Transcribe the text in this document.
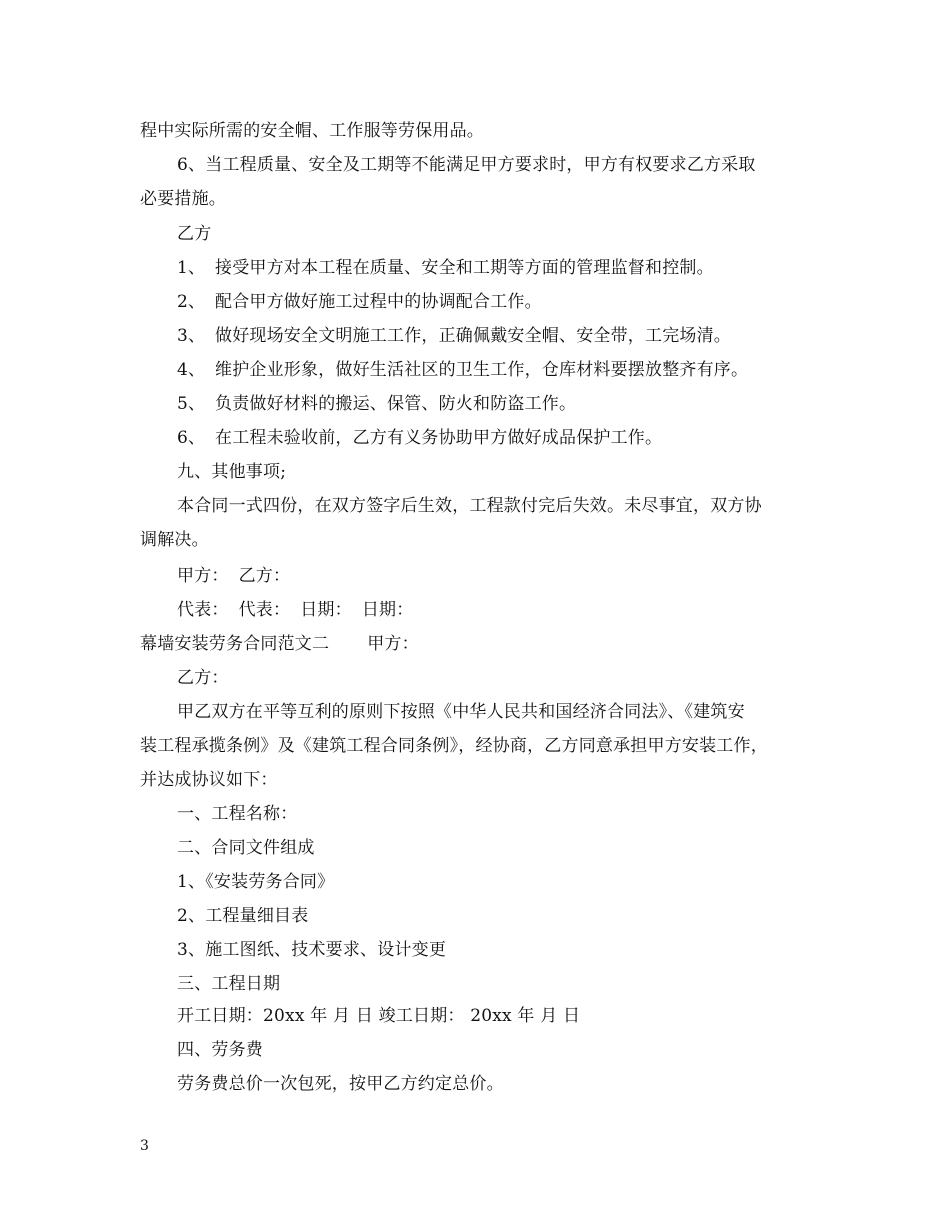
程中实际所需的安全帽、工作服等劳保用品。
6、当工程质量、安全及工期等不能满足甲方要求时，甲方有权要求乙方采取
必要措施。
乙方
1、 接受甲方对本工程在质量、安全和工期等方面的管理监督和控制。
2、 配合甲方做好施工过程中的协调配合工作。
3、 做好现场安全文明施工工作，正确佩戴安全帽、安全带，工完场清。
4、 维护企业形象，做好生活社区的卫生工作，仓库材料要摆放整齐有序。
5、 负责做好材料的搬运、保管、防火和防盗工作。
6、 在工程未验收前，乙方有义务协助甲方做好成品保护工作。
九、其他事项;
本合同一式四份，在双方签字后生效，工程款付完后失效。未尽事宜，双方协
调解决。
甲方： 乙方：
代表： 代表： 日期： 日期：
幕墙安装劳务合同范文二 甲方：
乙方：
甲乙双方在平等互利的原则下按照《中华人民共和国经济合同法》、《建筑安
装工程承揽条例》及《建筑工程合同条例》，经协商，乙方同意承担甲方安装工作，
并达成协议如下：
一、工程名称：
二、合同文件组成
1、《安装劳务合同》
2、工程量细目表
3、施工图纸、技术要求、设计变更
三、工程日期
开工日期：20xx 年 月 日 竣工日期： 20xx 年 月 日
四、劳务费
劳务费总价一次包死，按甲乙方约定总价。
3
